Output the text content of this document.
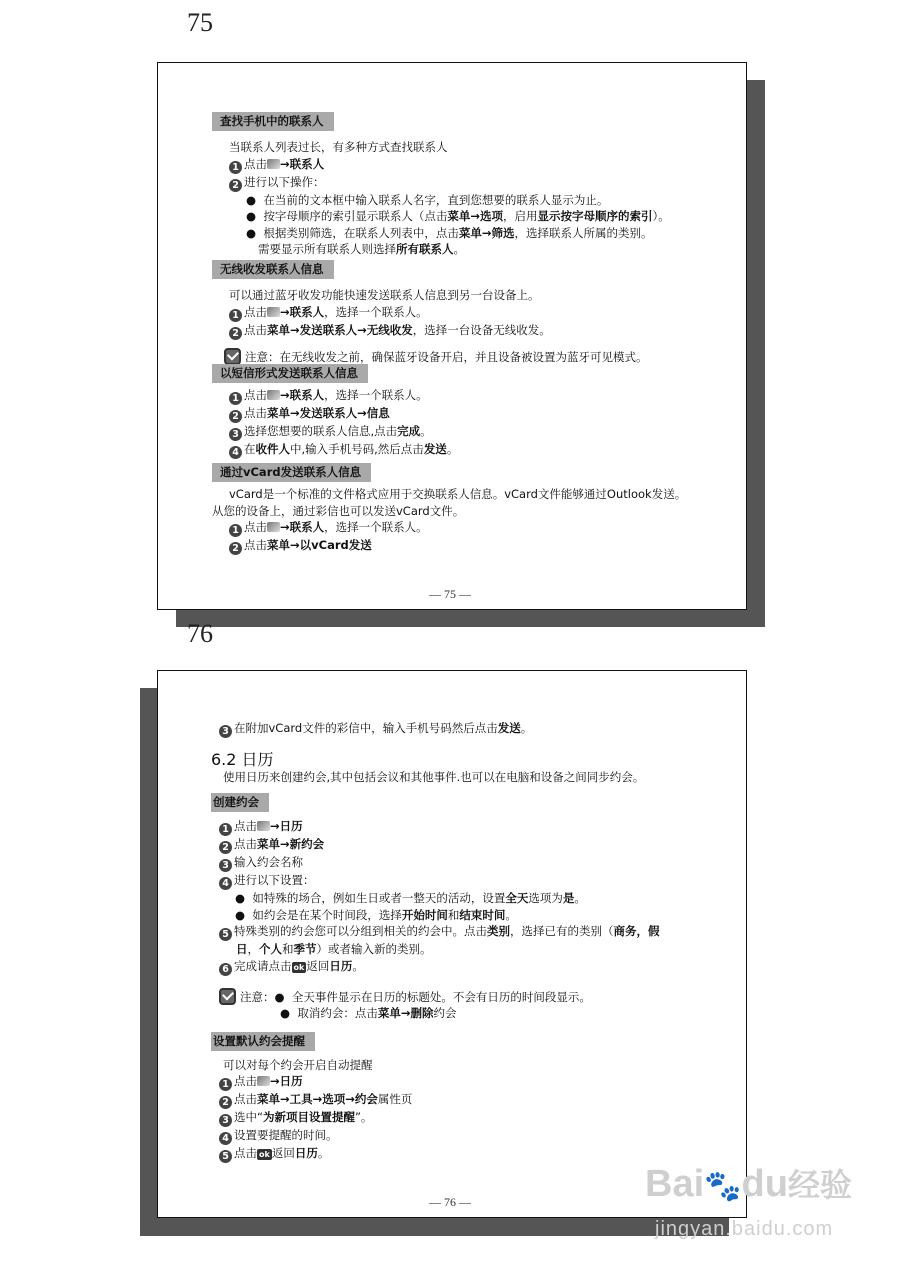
75
查找手机中的联系人
当联系人列表过长，有多种方式查找联系人
1 点击 →联系人
2 进行以下操作：
●  在当前的文本框中输入联系人名字，直到您想要的联系人显示为止。
●  按字母顺序的索引显示联系人（点击菜单→选项，启用显示按字母顺序的索引）。
●  根据类别筛选，在联系人列表中，点击菜单→筛选，选择联系人所属的类别。
需要显示所有联系人则选择所有联系人。
无线收发联系人信息
可以通过蓝牙收发功能快速发送联系人信息到另一台设备上。
1 点击 →联系人，选择一个联系人。
2 点击菜单→发送联系人→无线收发，选择一台设备无线收发。
注意：在无线收发之前，确保蓝牙设备开启，并且设备被设置为蓝牙可见模式。
以短信形式发送联系人信息
1 点击 →联系人，选择一个联系人。
2 点击菜单→发送联系人→信息
3 选择您想要的联系人信息,点击完成。
4 在收件人中,输入手机号码,然后点击发送。
通过vCard发送联系人信息
vCard是一个标准的文件格式应用于交换联系人信息。vCard文件能够通过Outlook发送。
从您的设备上，通过彩信也可以发送vCard文件。
1 点击 →联系人，选择一个联系人。
2 点击菜单→以vCard发送
— 75 —
76
3 在附加vCard文件的彩信中，输入手机号码然后点击发送。
6.2 日历
使用日历来创建约会,其中包括会议和其他事件.也可以在电脑和设备之间同步约会。
创建约会
1 点击 →日历
2 点击菜单→新约会
3 输入约会名称
4 进行以下设置：
●  如特殊的场合，例如生日或者一整天的活动，设置全天选项为是。
●  如约会是在某个时间段，选择开始时间和结束时间。
5 特殊类别的约会您可以分组到相关的约会中。点击类别，选择已有的类别（商务，假
日，个人和季节）或者输入新的类别。
6 完成请点击 ok 返回日历。
注意：●  全天事件显示在日历的标题处。不会有日历的时间段显示。
●  取消约会：点击菜单→删除约会
设置默认约会提醒
可以对每个约会开启自动提醒
1 点击 →日历
2 点击菜单→工具→选项→约会属性页
3 选中“为新项目设置提醒”。
4 设置要提醒的时间。
5 点击 ok 返回日历。
— 76 —	Bai🐾du经验
jingyan.baidu.com
